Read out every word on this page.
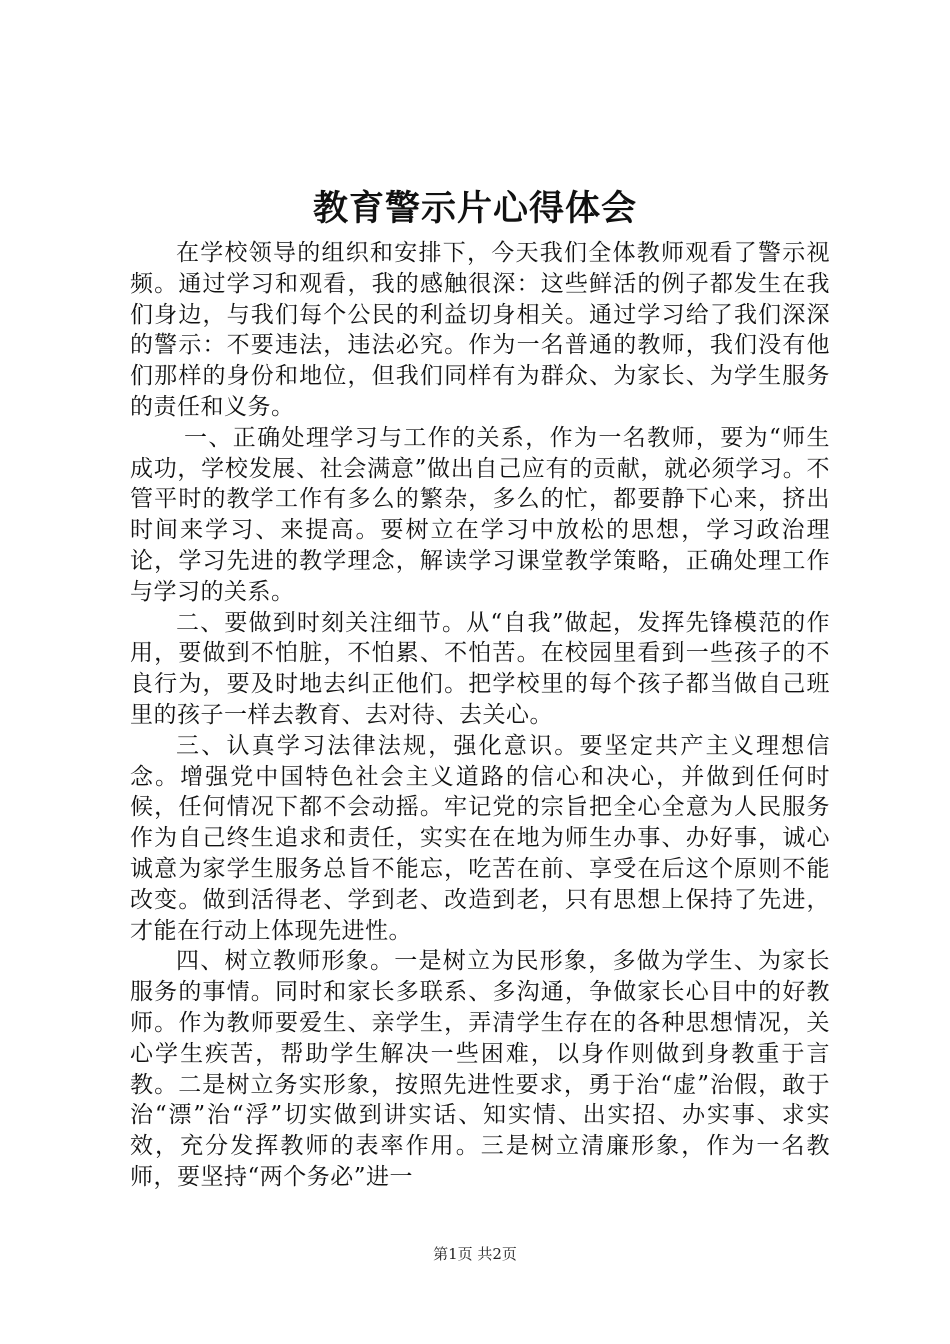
教育警示片心得体会

在学校领导的组织和安排下，今天我们全体教师观看了警示视频。通过学习和观看，我的感触很深：这些鲜活的例子都发生在我们身边，与我们每个公民的利益切身相关。通过学习给了我们深深的警示：不要违法，违法必究。作为一名普通的教师，我们没有他们那样的身份和地位，但我们同样有为群众、为家长、为学生服务的责任和义务。

一、正确处理学习与工作的关系，作为一名教师，要为“师生成功，学校发展、社会满意”做出自己应有的贡献，就必须学习。不管平时的教学工作有多么的繁杂，多么的忙，都要静下心来，挤出时间来学习、来提高。要树立在学习中放松的思想，学习政治理论，学习先进的教学理念，解读学习课堂教学策略，正确处理工作与学习的关系。

二、要做到时刻关注细节。从“自我”做起，发挥先锋模范的作用，要做到不怕脏，不怕累、不怕苦。在校园里看到一些孩子的不良行为，要及时地去纠正他们。把学校里的每个孩子都当做自己班里的孩子一样去教育、去对待、去关心。

三、认真学习法律法规，强化意识。要坚定共产主义理想信念。增强党中国特色社会主义道路的信心和决心，并做到任何时候，任何情况下都不会动摇。牢记党的宗旨把全心全意为人民服务作为自己终生追求和责任，实实在在地为师生办事、办好事，诚心诚意为家学生服务总旨不能忘，吃苦在前、享受在后这个原则不能改变。做到活得老、学到老、改造到老，只有思想上保持了先进，才能在行动上体现先进性。

四、树立教师形象。一是树立为民形象，多做为学生、为家长服务的事情。同时和家长多联系、多沟通，争做家长心目中的好教师。作为教师要爱生、亲学生，弄清学生存在的各种思想情况，关心学生疾苦，帮助学生解决一些困难，以身作则做到身教重于言教。二是树立务实形象，按照先进性要求，勇于治“虚”治假，敢于治“漂”治“浮”切实做到讲实话、知实情、出实招、办实事、求实效，充分发挥教师的表率作用。三是树立清廉形象，作为一名教师，要坚持“两个务必”进一

第1页 共2页
